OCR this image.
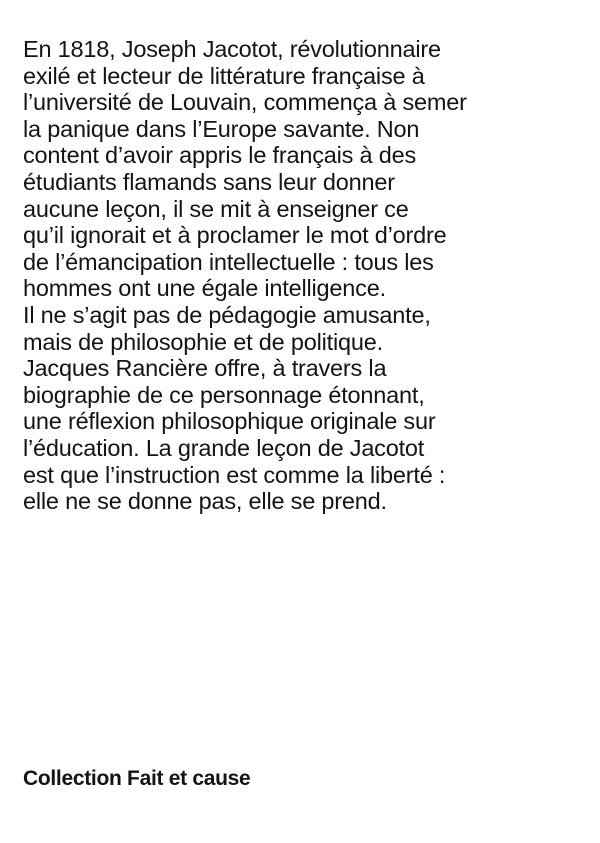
En 1818, Joseph Jacotot, révolutionnaire
exilé et lecteur de littérature française à
l’université de Louvain, commença à semer
la panique dans l’Europe savante. Non
content d’avoir appris le français à des
étudiants flamands sans leur donner
aucune leçon, il se mit à enseigner ce
qu’il ignorait et à proclamer le mot d’ordre
de l’émancipation intellectuelle : tous les
hommes ont une égale intelligence.
Il ne s’agit pas de pédagogie amusante,
mais de philosophie et de politique.
Jacques Rancière offre, à travers la
biographie de ce personnage étonnant,
une réflexion philosophique originale sur
l’éducation. La grande leçon de Jacotot
est que l’instruction est comme la liberté :
elle ne se donne pas, elle se prend.
Collection Fait et cause
